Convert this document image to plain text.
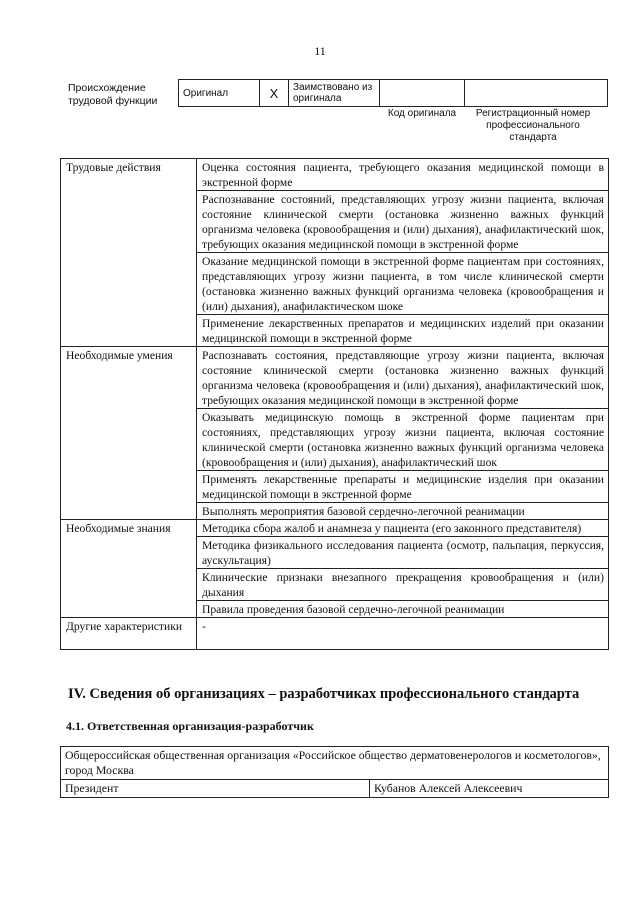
11
Происхождение
трудовой функции
Оригинал	X	Заимствовано из
оригинала

Код оригинала	Регистрационный номер
профессионального
стандарта
Трудовые действия	Оценка состояния пациента, требующего оказания медицинской помощи в экстренной форме
	Распознавание состояний, представляющих угрозу жизни пациента, включая состояние клинической смерти (остановка жизненно важных функций организма человека (кровообращения и (или) дыхания), анафилактический шок, требующих оказания медицинской помощи в экстренной форме
	Оказание медицинской помощи в экстренной форме пациентам при состояниях, представляющих угрозу жизни пациента, в том числе клинической смерти (остановка жизненно важных функций организма человека (кровообращения и (или) дыхания), анафилактическом шоке
	Применение лекарственных препаратов и медицинских изделий при оказании медицинской помощи в экстренной форме
Необходимые умения	Распознавать состояния, представляющие угрозу жизни пациента, включая состояние клинической смерти (остановка жизненно важных функций организма человека (кровообращения и (или) дыхания), анафилактический шок, требующих оказания медицинской помощи в экстренной форме
	Оказывать медицинскую помощь в экстренной форме пациентам при состояниях, представляющих угрозу жизни пациента, включая состояние клинической смерти (остановка жизненно важных функций организма человека (кровообращения и (или) дыхания), анафилактический шок
	Применять лекарственные препараты и медицинские изделия при оказании медицинской помощи в экстренной форме
	Выполнять мероприятия базовой сердечно-легочной реанимации
Необходимые знания	Методика сбора жалоб и анамнеза у пациента (его законного представителя)
	Методика физикального исследования пациента (осмотр, пальпация, перкуссия, аускультация)
	Клинические признаки внезапного прекращения кровообращения и (или) дыхания
	Правила проведения базовой сердечно-легочной реанимации
Другие характеристики	-
IV. Сведения об организациях – разработчиках профессионального стандарта
4.1. Ответственная организация-разработчик
Общероссийская общественная организация «Российское общество дерматовенерологов и косметологов», город Москва
Президент	Кубанов Алексей Алексеевич
